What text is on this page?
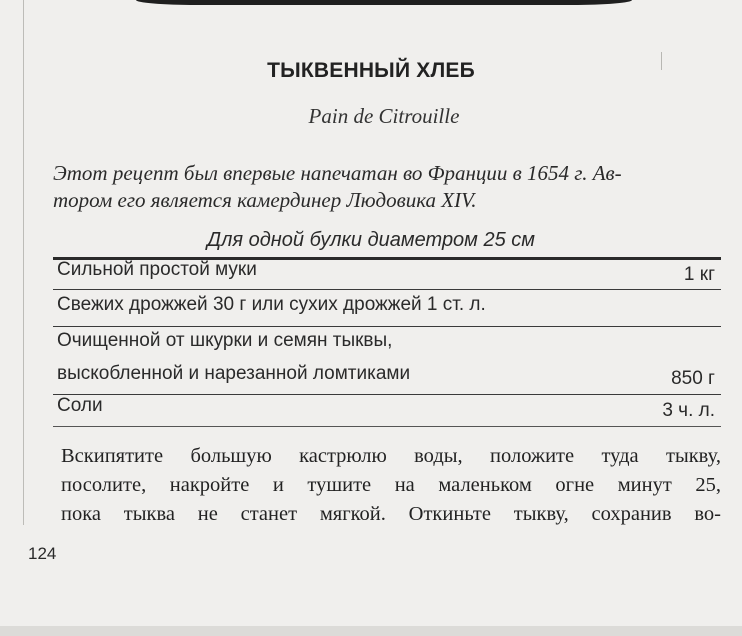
ТЫКВЕННЫЙ ХЛЕБ
Pain de Citrouille
Этот рецепт был впервые напечатан во Франции в 1654 г. Ав-
тором его является камердинер Людовика XIV.
Для одной булки диаметром 25 см
Сильной простой муки	1 кг
Свежих дрожжей 30 г или сухих дрожжей 1 ст. л.
Очищенной от шкурки и семян тыквы,
выскобленной и нарезанной ломтиками	850 г
Соли	3 ч. л.
Вскипятите большую кастрюлю воды, положите туда тыкву,
посолите, накройте и тушите на маленьком огне минут 25,
пока тыква не станет мягкой. Откиньте тыкву, сохранив во-
124
